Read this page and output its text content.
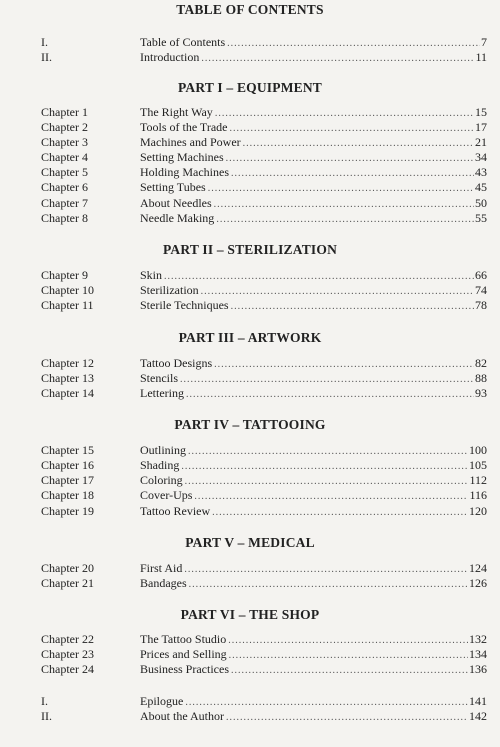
TABLE OF CONTENTS
I.	Table of Contents .....	7
II.	Introduction .....	11
PART I – EQUIPMENT
Chapter 1	The Right Way .....	15
Chapter 2	Tools of the Trade .....	17
Chapter 3	Machines and Power .....	21
Chapter 4	Setting Machines .....	34
Chapter 5	Holding Machines .....	43
Chapter 6	Setting Tubes .....	45
Chapter 7	About Needles .....	50
Chapter 8	Needle Making .....	55
PART II – STERILIZATION
Chapter 9	Skin .....	66
Chapter 10	Sterilization .....	74
Chapter 11	Sterile Techniques .....	78
PART III – ARTWORK
Chapter 12	Tattoo Designs .....	82
Chapter 13	Stencils .....	88
Chapter 14	Lettering .....	93
PART IV – TATTOOING
Chapter 15	Outlining .....	100
Chapter 16	Shading .....	105
Chapter 17	Coloring .....	112
Chapter 18	Cover-Ups .....	116
Chapter 19	Tattoo Review .....	120
PART V – MEDICAL
Chapter 20	First Aid .....	124
Chapter 21	Bandages .....	126
PART VI – THE SHOP
Chapter 22	The Tattoo Studio .....	132
Chapter 23	Prices and Selling .....	134
Chapter 24	Business Practices .....	136
I.	Epilogue .....	141
II.	About the Author .....	142
